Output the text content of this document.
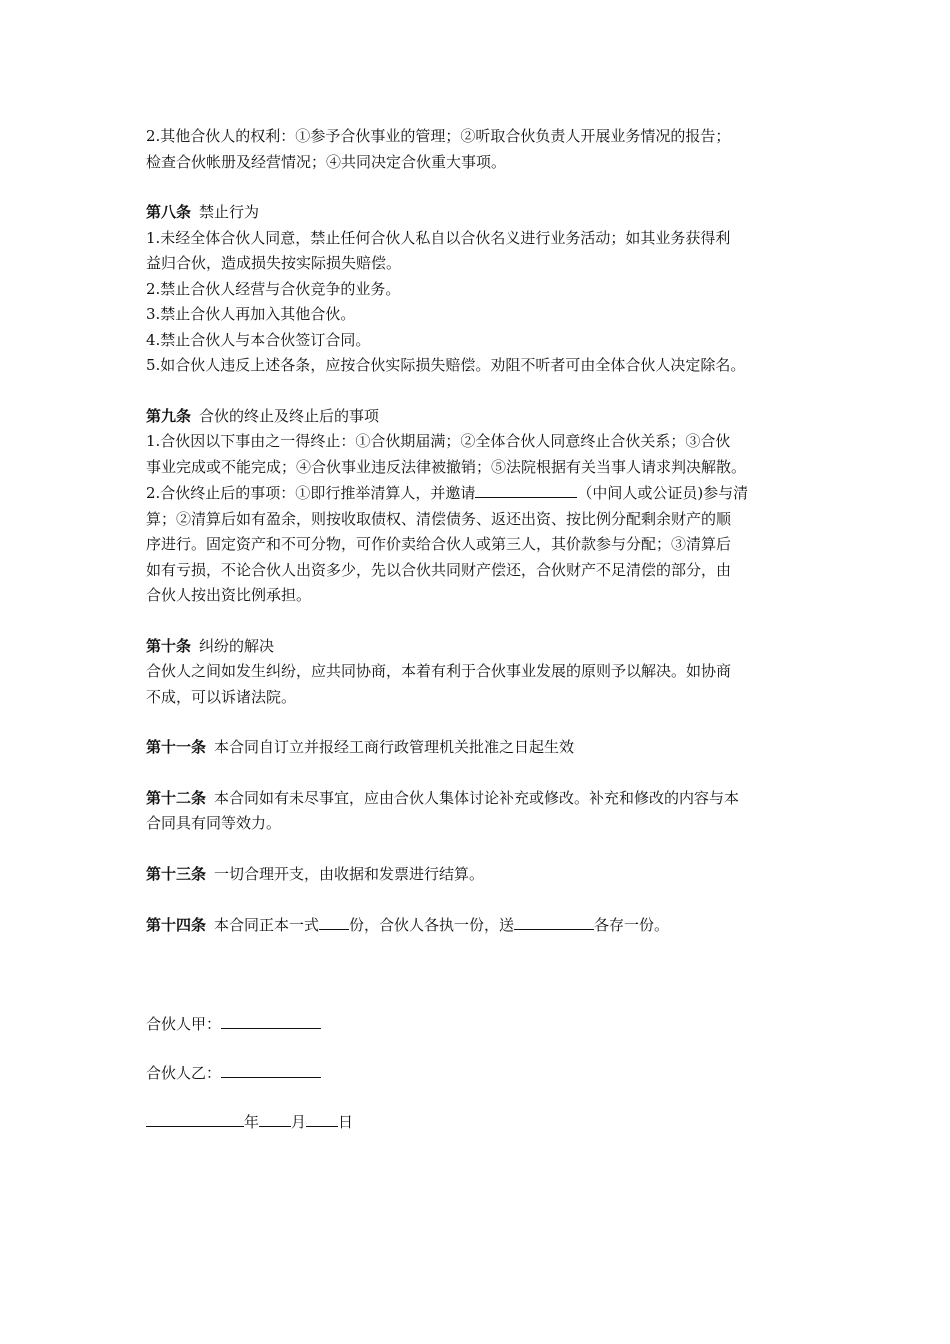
2.其他合伙人的权利：①参予合伙事业的管理；②听取合伙负责人开展业务情况的报告；

检查合伙帐册及经营情况；④共同决定合伙重大事项。

第八条 禁止行为

1.未经全体合伙人同意，禁止任何合伙人私自以合伙名义进行业务活动；如其业务获得利

益归合伙，造成损失按实际损失赔偿。

2.禁止合伙人经营与合伙竞争的业务。

3.禁止合伙人再加入其他合伙。

4.禁止合伙人与本合伙签订合同。

5.如合伙人违反上述各条，应按合伙实际损失赔偿。劝阻不听者可由全体合伙人决定除名。

第九条 合伙的终止及终止后的事项

1.合伙因以下事由之一得终止：①合伙期届满；②全体合伙人同意终止合伙关系；③合伙

事业完成或不能完成；④合伙事业违反法律被撤销；⑤法院根据有关当事人请求判决解散。

2.合伙终止后的事项：①即行推举清算人，并邀请	（中间人或公证员)参与清

算；②清算后如有盈余，则按收取债权、清偿债务、返还出资、按比例分配剩余财产的顺

序进行。固定资产和不可分物，可作价卖给合伙人或第三人，其价款参与分配；③清算后

如有亏损，不论合伙人出资多少，先以合伙共同财产偿还，合伙财产不足清偿的部分，由

合伙人按出资比例承担。

第十条 纠纷的解决

合伙人之间如发生纠纷，应共同协商，本着有利于合伙事业发展的原则予以解决。如协商

不成，可以诉诸法院。

第十一条 本合同自订立并报经工商行政管理机关批准之日起生效

第十二条 本合同如有未尽事宜，应由合伙人集体讨论补充或修改。补充和修改的内容与本

合同具有同等效力。

第十三条 一切合理开支，由收据和发票进行结算。

第十四条 本合同正本一式 份，合伙人各执一份，送	各存一份。

合伙人甲：

合伙人乙：

年 月 日
